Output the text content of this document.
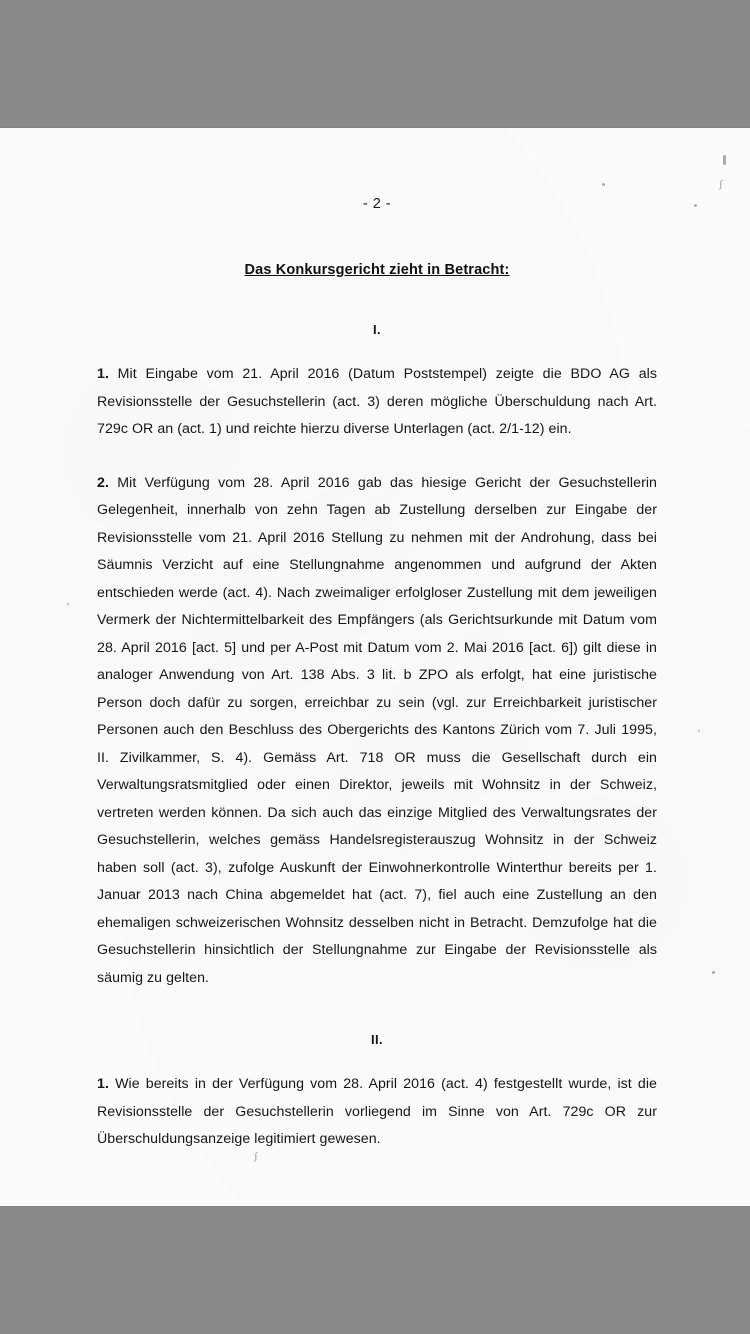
ʃ
ʼ
ʼ
ʃ
- 2 -
Das Konkursgericht zieht in Betracht:
I.

1. Mit Eingabe vom 21. April 2016 (Datum Poststempel) zeigte die BDO AG als Revisionsstelle der Gesuchstellerin (act. 3) deren mögliche Überschuldung nach Art. 729c OR an (act. 1) und reichte hierzu diverse Unterlagen (act. 2/1-12) ein.

2. Mit Verfügung vom 28. April 2016 gab das hiesige Gericht der Gesuchstellerin Gelegenheit, innerhalb von zehn Tagen ab Zustellung derselben zur Eingabe der Revisionsstelle vom 21. April 2016 Stellung zu nehmen mit der Androhung, dass bei Säumnis Verzicht auf eine Stellungnahme angenommen und aufgrund der Akten entschieden werde (act. 4). Nach zweimaliger erfolgloser Zustellung mit dem jeweiligen Vermerk der Nichtermittelbarkeit des Empfängers (als Gerichtsurkunde mit Datum vom 28. April 2016 [act. 5] und per A-Post mit Datum vom 2. Mai 2016 [act. 6]) gilt diese in analoger Anwendung von Art. 138 Abs. 3 lit. b ZPO als erfolgt, hat eine juristische Person doch dafür zu sorgen, erreichbar zu sein (vgl. zur Erreichbarkeit juristischer Personen auch den Beschluss des Obergerichts des Kantons Zürich vom 7. Juli 1995, II. Zivilkammer, S. 4). Gemäss Art. 718 OR muss die Gesellschaft durch ein Verwaltungsratsmitglied oder einen Direktor, jeweils mit Wohnsitz in der Schweiz, vertreten werden können. Da sich auch das einzige Mitglied des Verwaltungsrates der Gesuchstellerin, welches gemäss Handelsregisterauszug Wohnsitz in der Schweiz haben soll (act. 3), zufolge Auskunft der Einwohnerkontrolle Winterthur bereits per 1. Januar 2013 nach China abgemeldet hat (act. 7), fiel auch eine Zustellung an den ehemaligen schweizerischen Wohnsitz desselben nicht in Betracht. Demzufolge hat die Gesuchstellerin hinsichtlich der Stellungnahme zur Eingabe der Revisionsstelle als säumig zu gelten.

II.

1. Wie bereits in der Verfügung vom 28. April 2016 (act. 4) festgestellt wurde, ist die Revisionsstelle der Gesuchstellerin vorliegend im Sinne von Art. 729c OR zur Überschuldungsanzeige legitimiert gewesen.
